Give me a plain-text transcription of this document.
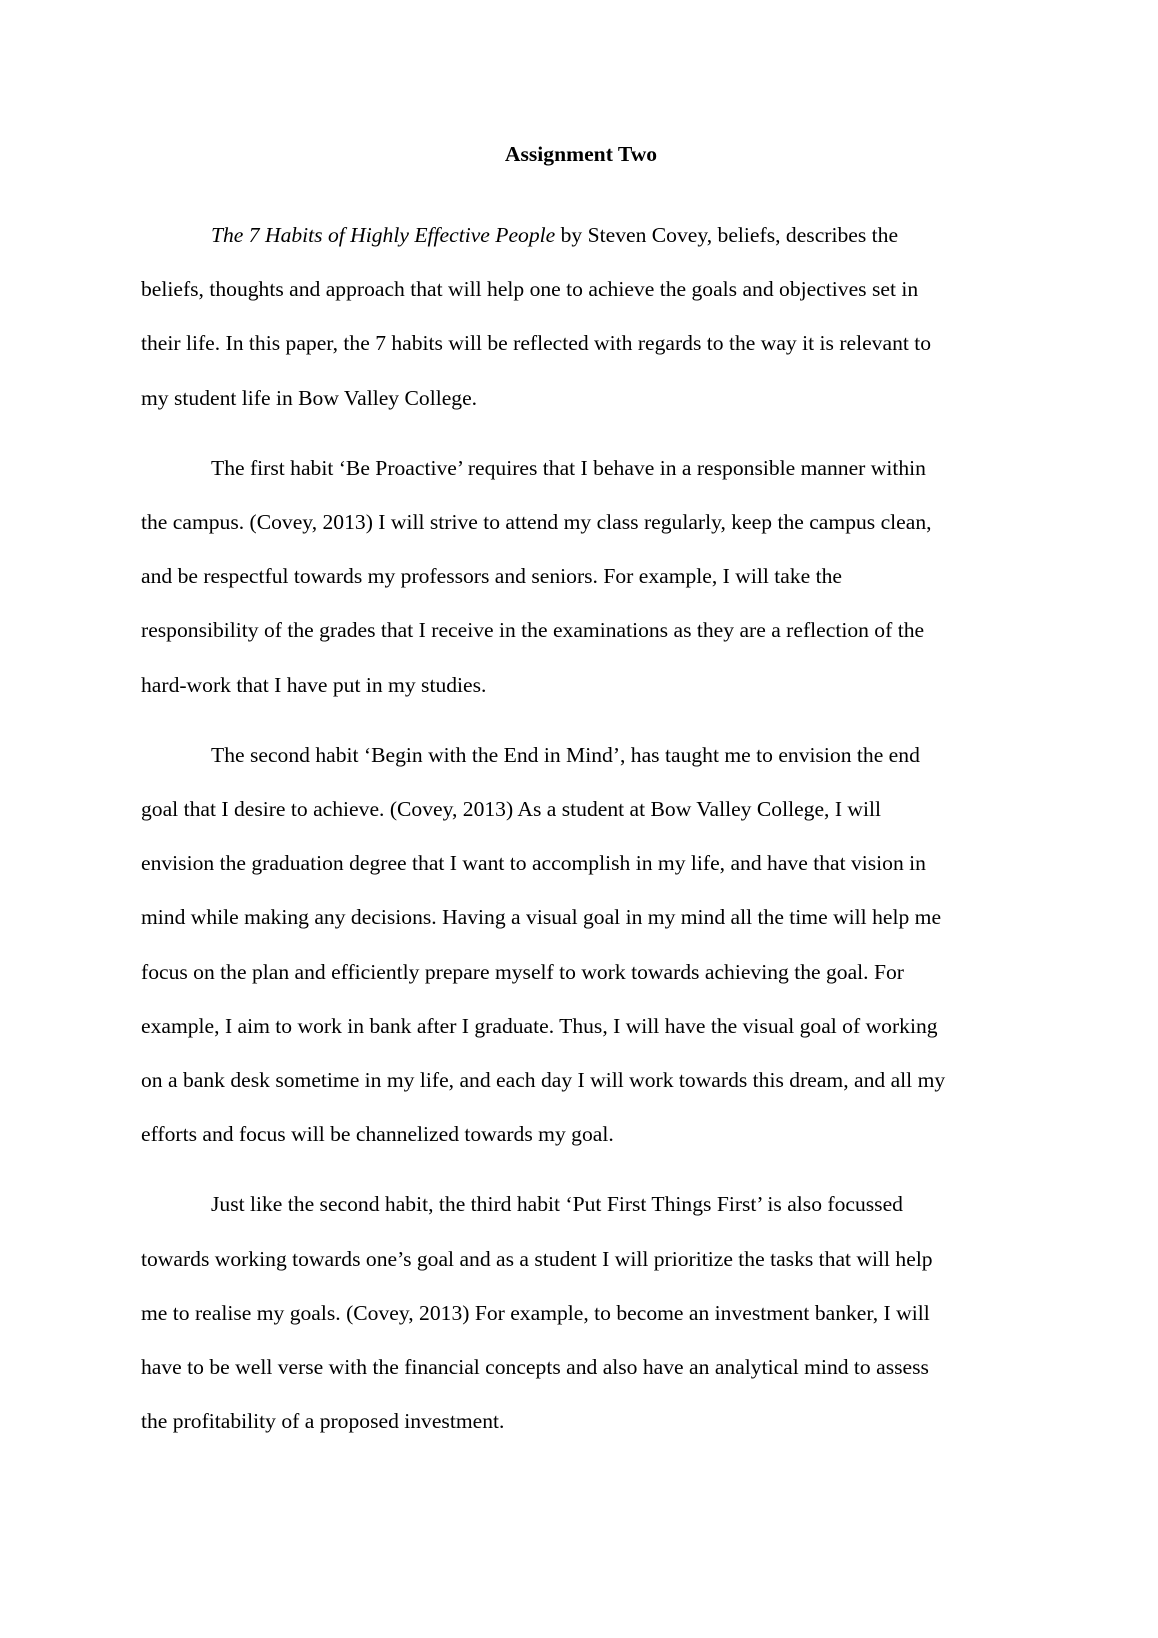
Assignment Two
The 7 Habits of Highly Effective People by Steven Covey, beliefs, describes the
beliefs, thoughts and approach that will help one to achieve the goals and objectives set in
their life. In this paper, the 7 habits will be reflected with regards to the way it is relevant to
my student life in Bow Valley College.
The first habit ‘Be Proactive’ requires that I behave in a responsible manner within
the campus. (Covey, 2013) I will strive to attend my class regularly, keep the campus clean,
and be respectful towards my professors and seniors. For example, I will take the
responsibility of the grades that I receive in the examinations as they are a reflection of the
hard-work that I have put in my studies.
The second habit ‘Begin with the End in Mind’, has taught me to envision the end
goal that I desire to achieve. (Covey, 2013) As a student at Bow Valley College, I will
envision the graduation degree that I want to accomplish in my life, and have that vision in
mind while making any decisions. Having a visual goal in my mind all the time will help me
focus on the plan and efficiently prepare myself to work towards achieving the goal. For
example, I aim to work in bank after I graduate. Thus, I will have the visual goal of working
on a bank desk sometime in my life, and each day I will work towards this dream, and all my
efforts and focus will be channelized towards my goal.
Just like the second habit, the third habit ‘Put First Things First’ is also focussed
towards working towards one’s goal and as a student I will prioritize the tasks that will help
me to realise my goals. (Covey, 2013) For example, to become an investment banker, I will
have to be well verse with the financial concepts and also have an analytical mind to assess
the profitability of a proposed investment.
